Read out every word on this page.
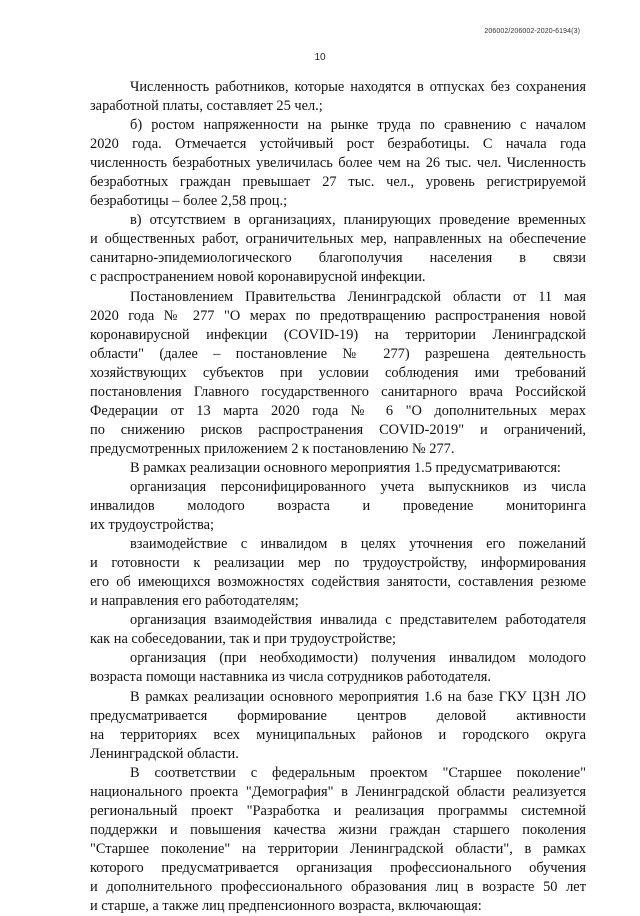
206002/206002-2020-6194(3)
10
Численность работников, которые находятся в отпусках без сохранения
заработной платы, составляет 25 чел.;
б) ростом напряженности на рынке труда по сравнению с началом
2020 года. Отмечается устойчивый рост безработицы. С начала года
численность безработных увеличилась более чем на 26 тыс. чел. Численность
безработных граждан превышает 27 тыс. чел., уровень регистрируемой
безработицы – более 2,58 проц.;
в) отсутствием в организациях, планирующих проведение временных
и общественных работ, ограничительных мер, направленных на обеспечение
санитарно-эпидемиологического благополучия населения в связи
с распространением новой коронавирусной инфекции.
Постановлением Правительства Ленинградской области от 11 мая
2020 года № 277 "О мерах по предотвращению распространения новой
коронавирусной инфекции (COVID-19) на территории Ленинградской
области" (далее – постановление № 277) разрешена деятельность
хозяйствующих субъектов при условии соблюдения ими требований
постановления Главного государственного санитарного врача Российской
Федерации от 13 марта 2020 года № 6 "О дополнительных мерах
по снижению рисков распространения COVID-2019" и ограничений,
предусмотренных приложением 2 к постановлению № 277.
В рамках реализации основного мероприятия 1.5 предусматриваются:
организация персонифицированного учета выпускников из числа
инвалидов молодого возраста и проведение мониторинга
их трудоустройства;
взаимодействие с инвалидом в целях уточнения его пожеланий
и готовности к реализации мер по трудоустройству, информирования
его об имеющихся возможностях содействия занятости, составления резюме
и направления его работодателям;
организация взаимодействия инвалида с представителем работодателя
как на собеседовании, так и при трудоустройстве;
организация (при необходимости) получения инвалидом молодого
возраста помощи наставника из числа сотрудников работодателя.
В рамках реализации основного мероприятия 1.6 на базе ГКУ ЦЗН ЛО
предусматривается формирование центров деловой активности
на территориях всех муниципальных районов и городского округа
Ленинградской области.
В соответствии с федеральным проектом "Старшее поколение"
национального проекта "Демография" в Ленинградской области реализуется
региональный проект "Разработка и реализация программы системной
поддержки и повышения качества жизни граждан старшего поколения
"Старшее поколение" на территории Ленинградской области", в рамках
которого предусматривается организация профессионального обучения
и дополнительного профессионального образования лиц в возрасте 50 лет
и старше, а также лиц предпенсионного возраста, включающая:
